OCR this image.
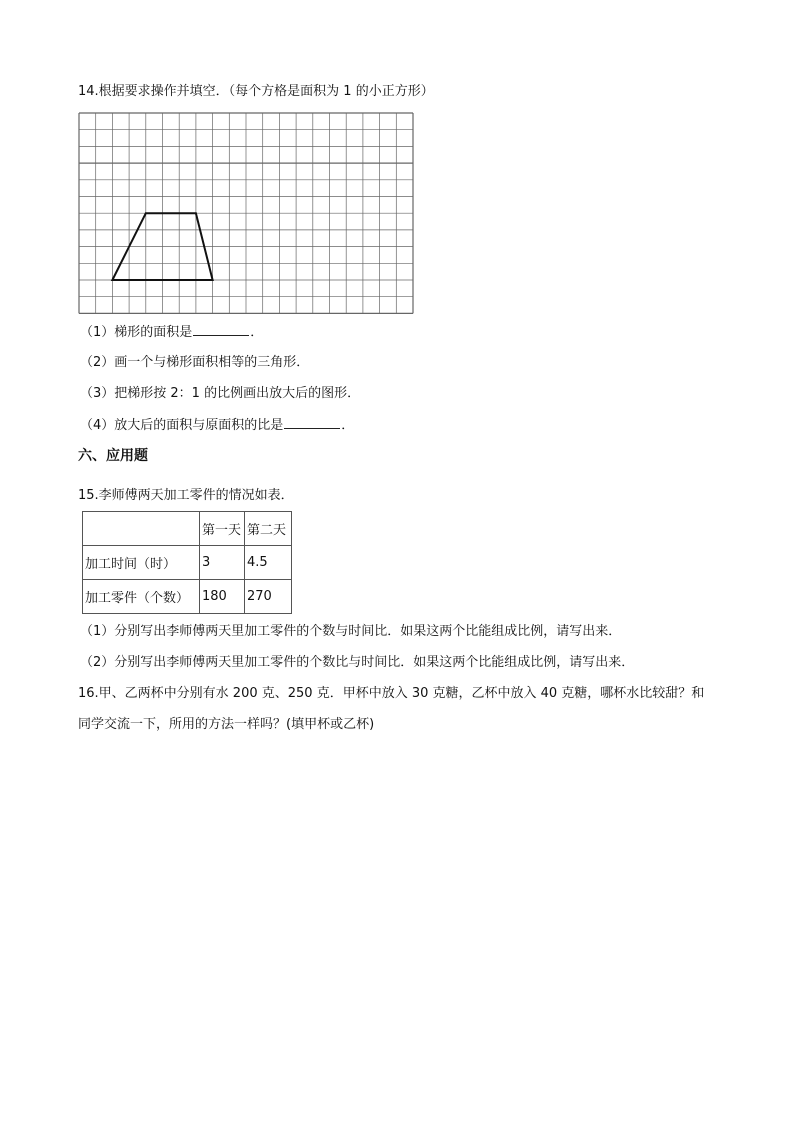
14.根据要求操作并填空．（每个方格是面积为 1 的小正方形）
（1）梯形的面积是	．
（2）画一个与梯形面积相等的三角形．
（3）把梯形按 2：1 的比例画出放大后的图形．
（4）放大后的面积与原面积的比是	．
六、应用题
15.李师傅两天加工零件的情况如表．
	第一天	第二天
加工时间（时）	3	4.5
加工零件（个数）	180	270
（1）分别写出李师傅两天里加工零件的个数与时间比．如果这两个比能组成比例，请写出来．
（2）分别写出李师傅两天里加工零件的个数比与时间比．如果这两个比能组成比例，请写出来．
16.甲、乙两杯中分别有水 200 克、250 克．甲杯中放入 30 克糖，乙杯中放入 40 克糖，哪杯水比较甜？和
同学交流一下，所用的方法一样吗？(填甲杯或乙杯)
